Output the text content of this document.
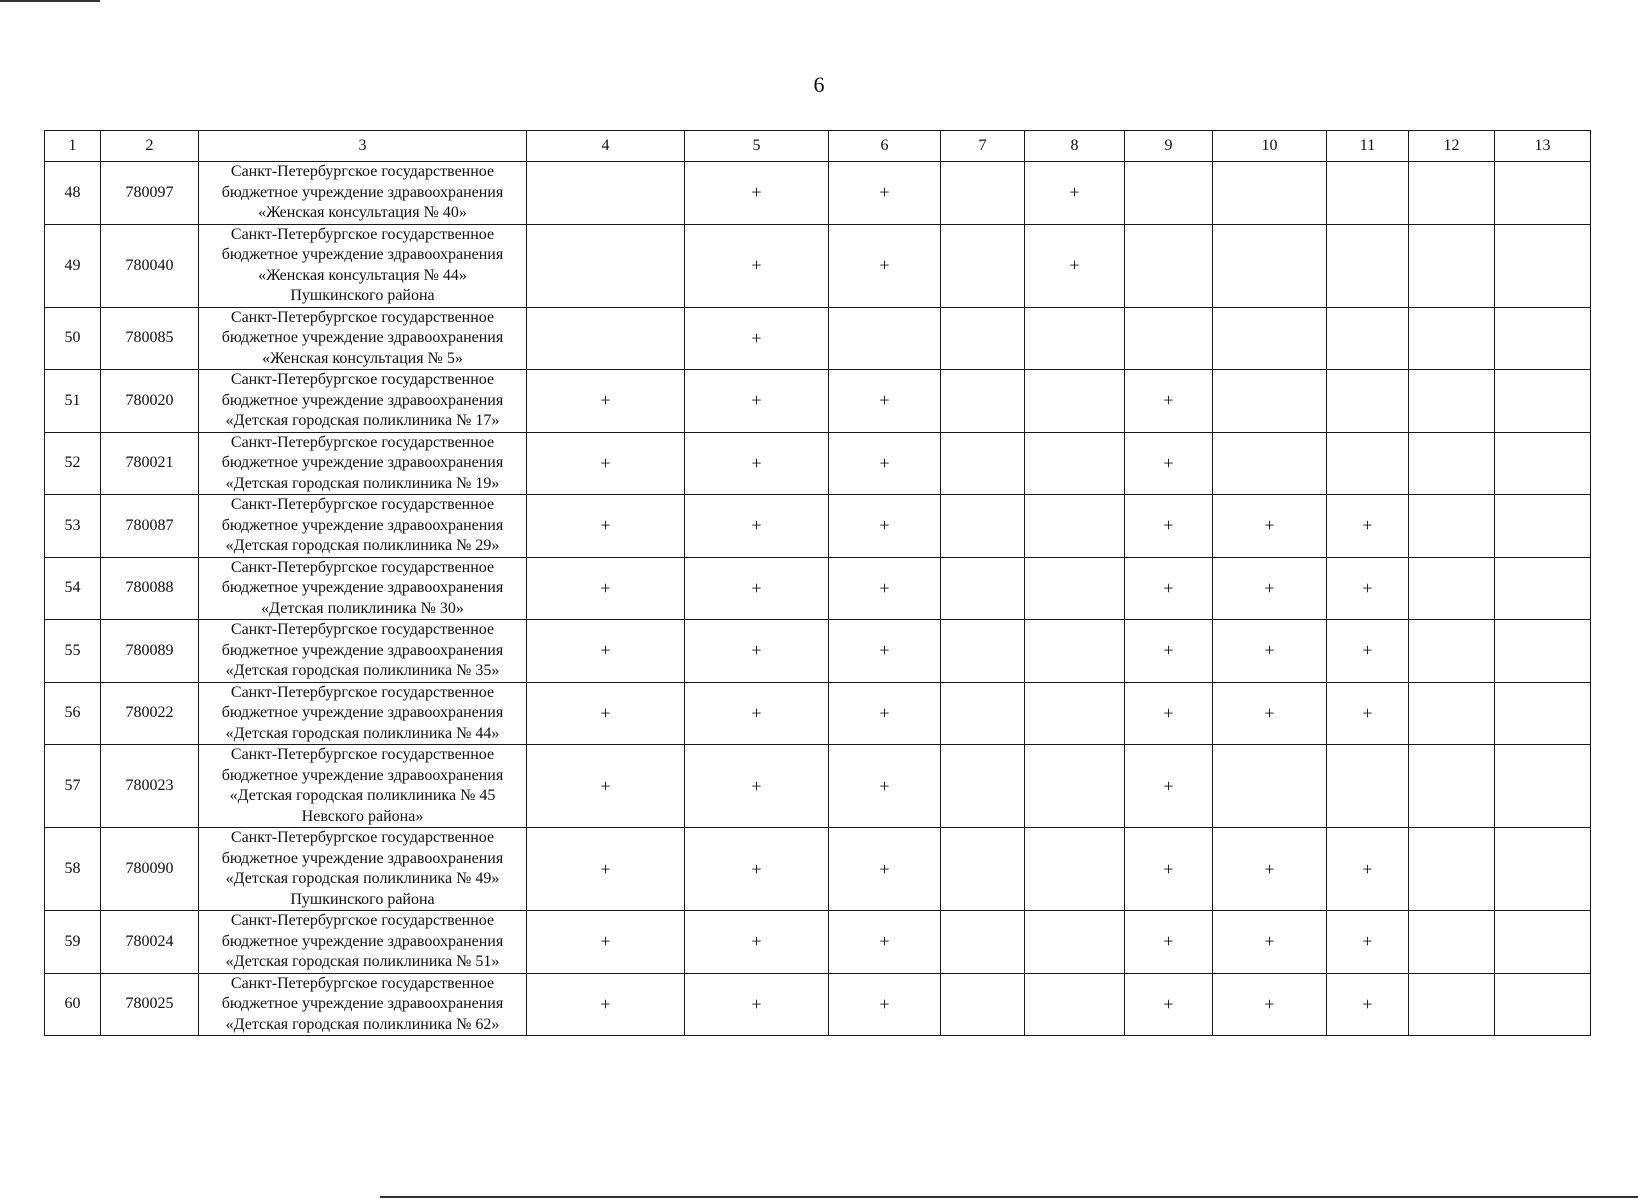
6
1	2	3	4	5	6	7	8	9	10	11	12	13
48	780097	Санкт-Петербургское государственное
бюджетное учреждение здравоохранения
«Женская консультация № 40»		+	+		+					
49	780040	Санкт-Петербургское государственное
бюджетное учреждение здравоохранения
«Женская консультация № 44»
Пушкинского района		+	+		+					
50	780085	Санкт-Петербургское государственное
бюджетное учреждение здравоохранения
«Женская консультация № 5»		+								
51	780020	Санкт-Петербургское государственное
бюджетное учреждение здравоохранения
«Детская городская поликлиника № 17»	+	+	+			+				
52	780021	Санкт-Петербургское государственное
бюджетное учреждение здравоохранения
«Детская городская поликлиника № 19»	+	+	+			+				
53	780087	Санкт-Петербургское государственное
бюджетное учреждение здравоохранения
«Детская городская поликлиника № 29»	+	+	+			+	+	+		
54	780088	Санкт-Петербургское государственное
бюджетное учреждение здравоохранения
«Детская поликлиника № 30»	+	+	+			+	+	+		
55	780089	Санкт-Петербургское государственное
бюджетное учреждение здравоохранения
«Детская городская поликлиника № 35»	+	+	+			+	+	+		
56	780022	Санкт-Петербургское государственное
бюджетное учреждение здравоохранения
«Детская городская поликлиника № 44»	+	+	+			+	+	+		
57	780023	Санкт-Петербургское государственное
бюджетное учреждение здравоохранения
«Детская городская поликлиника № 45
Невского района»	+	+	+			+				
58	780090	Санкт-Петербургское государственное
бюджетное учреждение здравоохранения
«Детская городская поликлиника № 49»
Пушкинского района	+	+	+			+	+	+		
59	780024	Санкт-Петербургское государственное
бюджетное учреждение здравоохранения
«Детская городская поликлиника № 51»	+	+	+			+	+	+		
60	780025	Санкт-Петербургское государственное
бюджетное учреждение здравоохранения
«Детская городская поликлиника № 62»	+	+	+			+	+	+		
